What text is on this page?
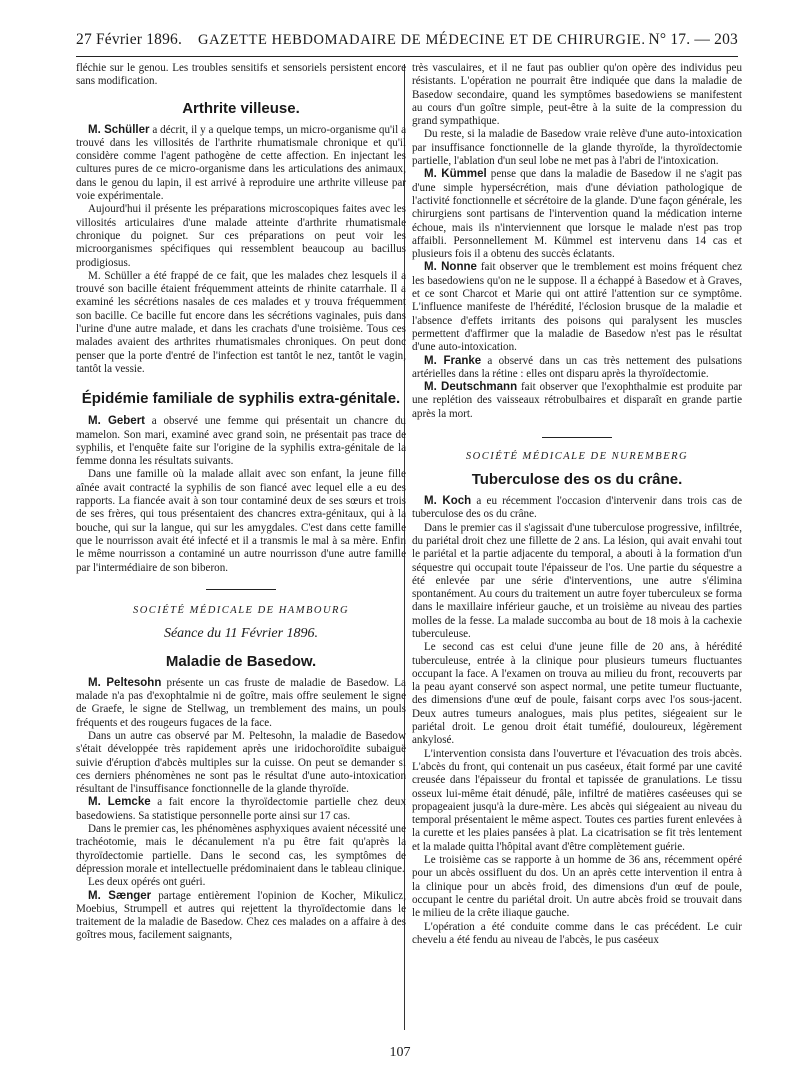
27 Février 1896. GAZETTE HEBDOMADAIRE DE MÉDECINE ET DE CHIRURGIE. N° 17. — 203

fléchie sur le genou. Les troubles sensitifs et sensoriels persistent encore sans modification.

Arthrite villeuse.

M. Schüller a décrit, il y a quelque temps, un micro-organisme qu'il a trouvé dans les villosités de l'arthrite rhumatismale chronique et qu'il considère comme l'agent pathogène de cette affection. En injectant les cultures pures de ce micro-organisme dans les articulations des animaux, dans le genou du lapin, il est arrivé à reproduire une arthrite villeuse par voie expérimentale.

Aujourd'hui il présente les préparations microscopiques faites avec les villosités articulaires d'une malade atteinte d'arthrite rhumatismale chronique du poignet. Sur ces préparations on peut voir les microorganismes spécifiques qui ressemblent beaucoup au bacillus prodigiosus.

M. Schüller a été frappé de ce fait, que les malades chez lesquels il a trouvé son bacille étaient fréquemment atteints de rhinite catarrhale. Il a examiné les sécrétions nasales de ces malades et y trouva fréquemment son bacille. Ce bacille fut encore dans les sécrétions vaginales, puis dans l'urine d'une autre malade, et dans les crachats d'une troisième. Tous ces malades avaient des arthrites rhumatismales chroniques. On peut donc penser que la porte d'entré de l'infection est tantôt le nez, tantôt le vagin, tantôt la vessie.

Épidémie familiale de syphilis extra-génitale.

M. Gebert a observé une femme qui présentait un chancre du mamelon. Son mari, examiné avec grand soin, ne présentait pas trace de syphilis, et l'enquête faite sur l'origine de la syphilis extra-génitale de la femme donna les résultats suivants.

Dans une famille où la malade allait avec son enfant, la jeune fille aînée avait contracté la syphilis de son fiancé avec lequel elle a eu des rapports. La fiancée avait à son tour contaminé deux de ses sœurs et trois de ses frères, qui tous présentaient des chancres extra-génitaux, qui à la bouche, qui sur la langue, qui sur les amygdales. C'est dans cette famille que le nourrisson avait été infecté et il a transmis le mal à sa mère. Enfin le même nourrisson a contaminé un autre nourrisson d'une autre famille par l'intermédiaire de son biberon.

SOCIÉTÉ MÉDICALE DE HAMBOURG
Séance du 11 Février 1896.
Maladie de Basedow.

M. Peltesohn présente un cas fruste de maladie de Basedow. La malade n'a pas d'exophtalmie ni de goître, mais offre seulement le signe de Graefe, le signe de Stellwag, un tremblement des mains, un pouls fréquents et des rougeurs fugaces de la face.

Dans un autre cas observé par M. Peltesohn, la maladie de Basedow s'était développée très rapidement après une iridochoroïdite subaiguë suivie d'éruption d'abcès multiples sur la cuisse. On peut se demander si ces derniers phénomènes ne sont pas le résultat d'une auto-intoxication résultant de l'insuffisance fonctionnelle de la glande thyroïde.

M. Lemcke a fait encore la thyroïdectomie partielle chez deux basedowiens. Sa statistique personnelle porte ainsi sur 17 cas.

Dans le premier cas, les phénomènes asphyxiques avaient nécessité une trachéotomie, mais le décanulement n'a pu être fait qu'après la thyroïdectomie partielle. Dans le second cas, les symptômes de dépression morale et intellectuelle prédominaient dans le tableau clinique.

Les deux opérés ont guéri.

M. Sænger partage entièrement l'opinion de Kocher, Mikulicz, Moebius, Strumpell et autres qui rejettent la thyroïdectomie dans le traitement de la maladie de Basedow. Chez ces malades on a affaire à des goîtres mous, facilement saignants,

très vasculaires, et il ne faut pas oublier qu'on opère des individus peu résistants. L'opération ne pourrait être indiquée que dans la maladie de Basedow secondaire, quand les symptômes basedowiens se manifestent au cours d'un goître simple, peut-être à la suite de la compression du grand sympathique.

Du reste, si la maladie de Basedow vraie relève d'une auto-intoxication par insuffisance fonctionnelle de la glande thyroïde, la thyroïdectomie partielle, l'ablation d'un seul lobe ne met pas à l'abri de l'intoxication.

M. Kümmel pense que dans la maladie de Basedow il ne s'agit pas d'une simple hypersécrétion, mais d'une déviation pathologique de l'activité fonctionnelle et sécrétoire de la glande. D'une façon générale, les chirurgiens sont partisans de l'intervention quand la médication interne échoue, mais ils n'interviennent que lorsque le malade n'est pas trop affaibli. Personnellement M. Kümmel est intervenu dans 14 cas et plusieurs fois il a obtenu des succès éclatants.

M. Nonne fait observer que le tremblement est moins fréquent chez les basedowiens qu'on ne le suppose. Il a échappé à Basedow et à Graves, et ce sont Charcot et Marie qui ont attiré l'attention sur ce symptôme. L'influence manifeste de l'hérédité, l'éclosion brusque de la maladie et l'absence d'effets irritants des poisons qui paralysent les muscles permettent d'affirmer que la maladie de Basedow n'est pas le résultat d'une auto-intoxication.

M. Franke a observé dans un cas très nettement des pulsations artérielles dans la rétine : elles ont disparu après la thyroïdectomie.

M. Deutschmann fait observer que l'exophthalmie est produite par une replétion des vaisseaux rétrobulbaires et disparaît en grande partie après la mort.

SOCIÉTÉ MÉDICALE DE NUREMBERG
Tuberculose des os du crâne.

M. Koch a eu récemment l'occasion d'intervenir dans trois cas de tuberculose des os du crâne.

Dans le premier cas il s'agissait d'une tuberculose progressive, infiltrée, du pariétal droit chez une fillette de 2 ans. La lésion, qui avait envahi tout le pariétal et la partie adjacente du temporal, a abouti à la formation d'un séquestre qui occupait toute l'épaisseur de l'os. Une partie du séquestre a été enlevée par une série d'interventions, une autre s'élimina spontanément. Au cours du traitement un autre foyer tuberculeux se forma dans le maxillaire inférieur gauche, et un troisième au niveau des parties molles de la fesse. La malade succomba au bout de 18 mois à la cachexie tuberculeuse.

Le second cas est celui d'une jeune fille de 20 ans, à hérédité tuberculeuse, entrée à la clinique pour plusieurs tumeurs fluctuantes occupant la face. A l'examen on trouva au milieu du front, recouverts par la peau ayant conservé son aspect normal, une petite tumeur fluctuante, des dimensions d'une œuf de poule, faisant corps avec l'os sous-jacent. Deux autres tumeurs analogues, mais plus petites, siégeaient sur le pariétal droit. Le genou droit était tuméfié, douloureux, légèrement ankylosé.

L'intervention consista dans l'ouverture et l'évacuation des trois abcès. L'abcès du front, qui contenait un pus caséeux, était formé par une cavité creusée dans l'épaisseur du frontal et tapissée de granulations. Le tissu osseux lui-même était dénudé, pâle, infiltré de matières caséeuses qui se propageaient jusqu'à la dure-mère. Les abcès qui siégeaient au niveau du temporal présentaient le même aspect. Toutes ces parties furent enlevées à la curette et les plaies pansées à plat. La cicatrisation se fit très lentement et la malade quitta l'hôpital avant d'être complètement guérie.

Le troisième cas se rapporte à un homme de 36 ans, récemment opéré pour un abcès ossifluent du dos. Un an après cette intervention il entra à la clinique pour un abcès froid, des dimensions d'un œuf de poule, occupant le centre du pariétal droit. Un autre abcès froid se trouvait dans le milieu de la crête iliaque gauche.

L'opération a été conduite comme dans le cas précédent. Le cuir chevelu a été fendu au niveau de l'abcès, le pus caséeux

107
